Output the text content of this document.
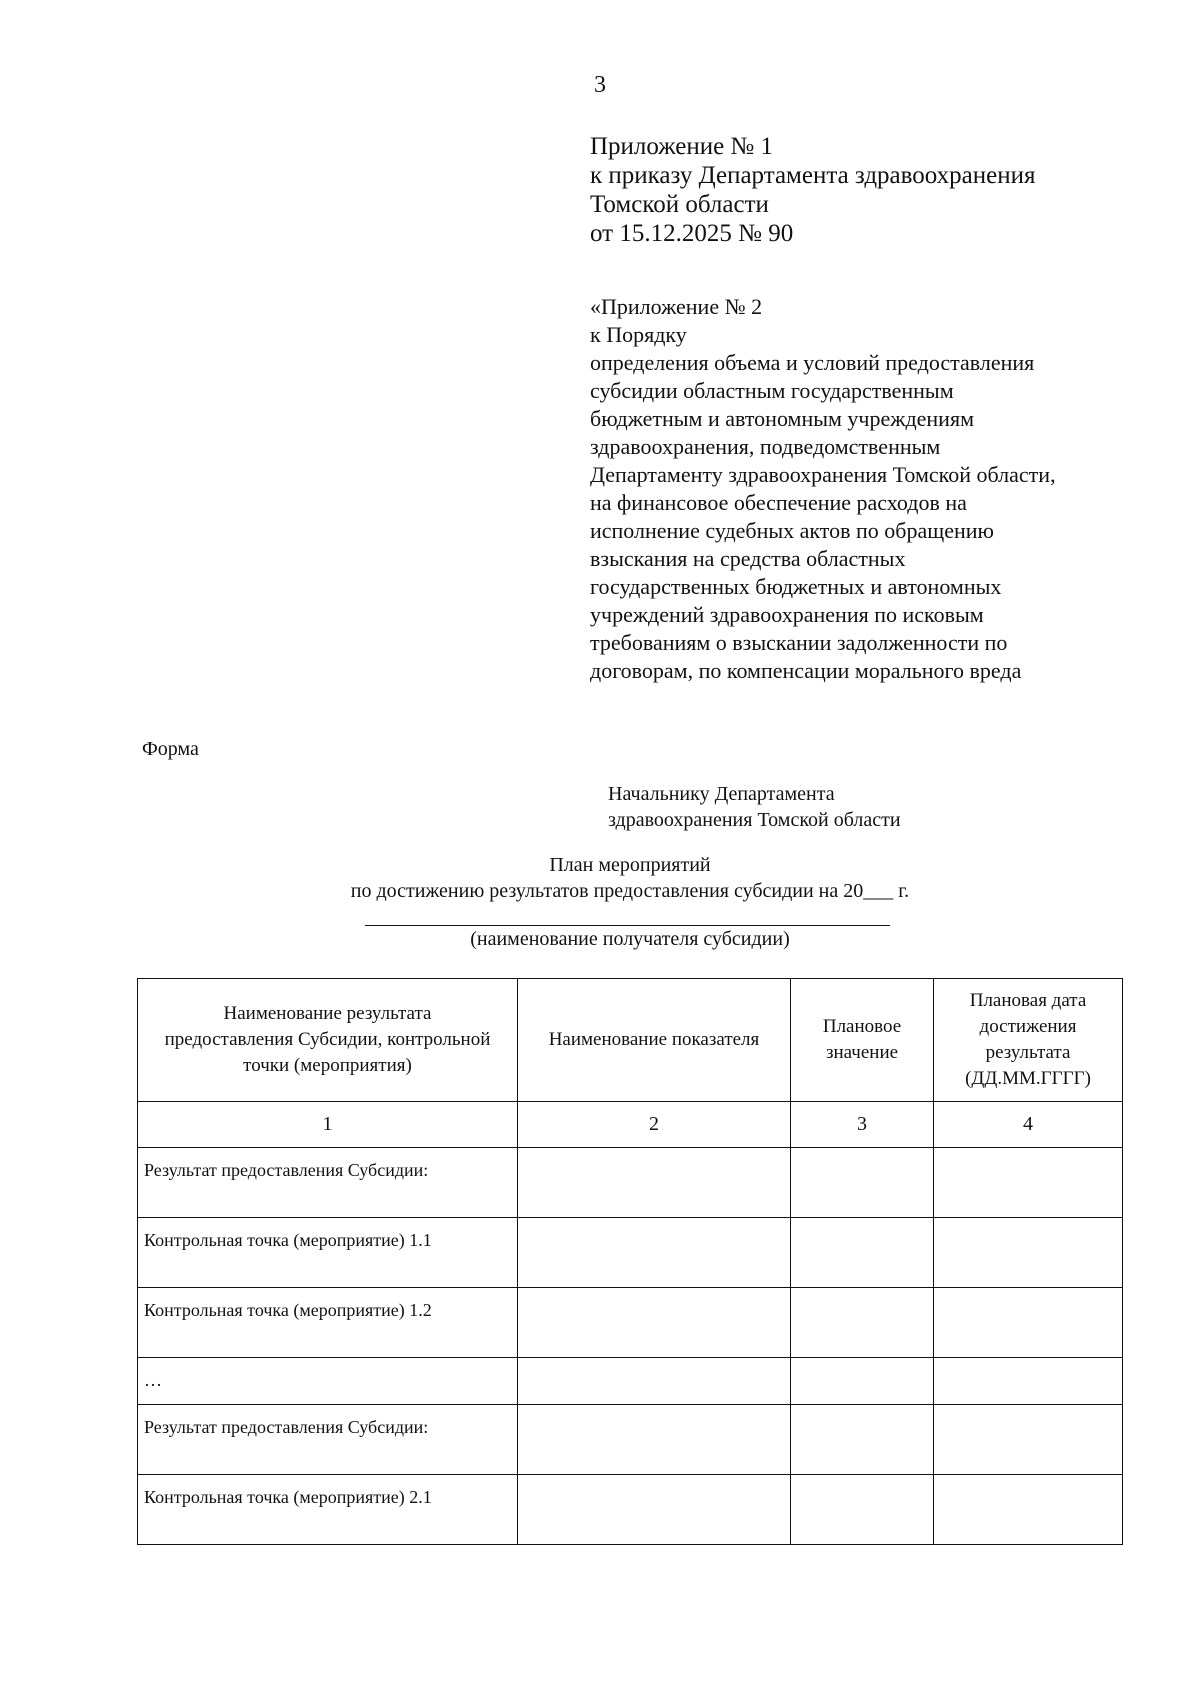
3
Приложение № 1
к приказу Департамента здравоохранения
Томской области
от 15.12.2025 № 90
«Приложение № 2
к Порядку
определения объема и условий предоставления
субсидии областным государственным
бюджетным и автономным учреждениям
здравоохранения, подведомственным
Департаменту здравоохранения Томской области,
на финансовое обеспечение расходов на
исполнение судебных актов по обращению
взыскания на средства областных
государственных бюджетных и автономных
учреждений здравоохранения по исковым
требованиям о взыскании задолженности по
договорам, по компенсации морального вреда
Форма
Начальнику Департамента
здравоохранения Томской области
План мероприятий
по достижению результатов предоставления субсидии на 20___ г.
(наименование получателя субсидии)
Наименование результата предоставления Субсидии, контрольной точки (мероприятия)	Наименование показателя	Плановое значение	Плановая дата достижения результата (ДД.ММ.ГГГГ)

1	2	3	4
Результат предоставления Субсидии:			
Контрольная точка (мероприятие) 1.1			
Контрольная точка (мероприятие) 1.2			
…			
Результат предоставления Субсидии:			
Контрольная точка (мероприятие) 2.1			
